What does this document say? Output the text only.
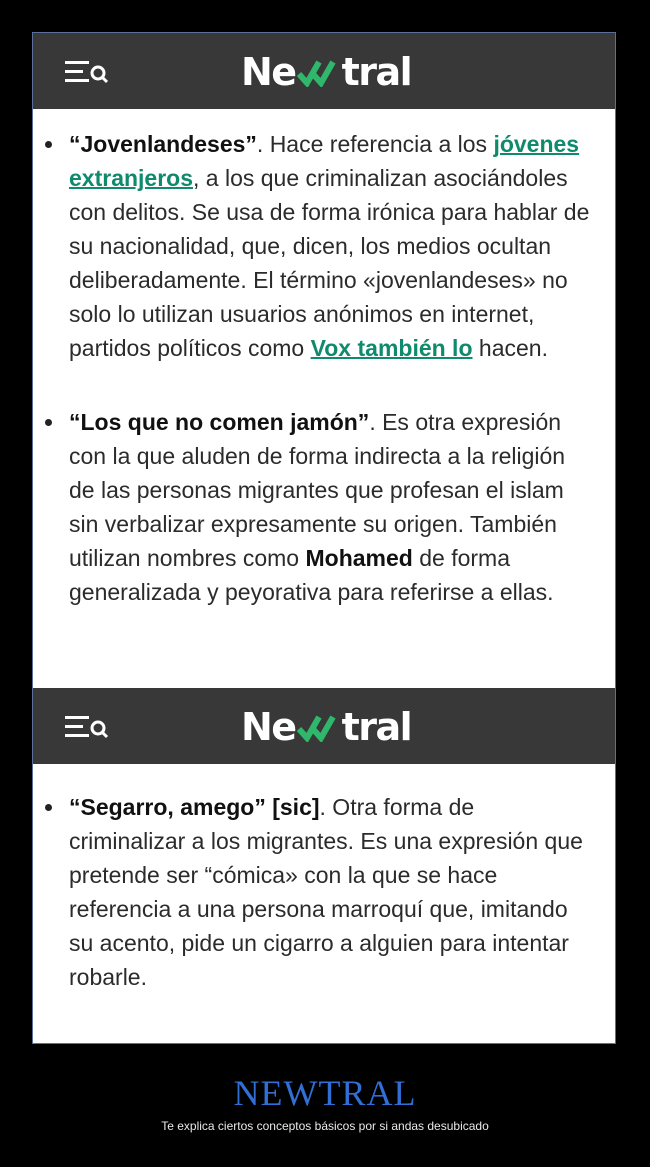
Ne tral

“Jovenlandeses”. Hace referencia a los jóvenes extranjeros, a los que criminalizan asociándoles con delitos. Se usa de forma irónica para hablar de su nacionalidad, que, dicen, los medios ocultan deliberadamente. El término «jovenlandeses» no solo lo utilizan usuarios anónimos en internet, partidos políticos como Vox también lo hacen.

“Los que no comen jamón”. Es otra expresión con la que aluden de forma indirecta a la religión de las personas migrantes que profesan el islam sin verbalizar expresamente su origen. También utilizan nombres como Mohamed de forma generalizada y peyorativa para referirse a ellas.

Ne tral

“Segarro, amego” [sic]. Otra forma de criminalizar a los migrantes. Es una expresión que pretende ser “cómica» con la que se hace referencia a una persona marroquí que, imitando su acento, pide un cigarro a alguien para intentar robarle.

NEWTRAL
Te explica ciertos conceptos básicos por si andas desubicado
